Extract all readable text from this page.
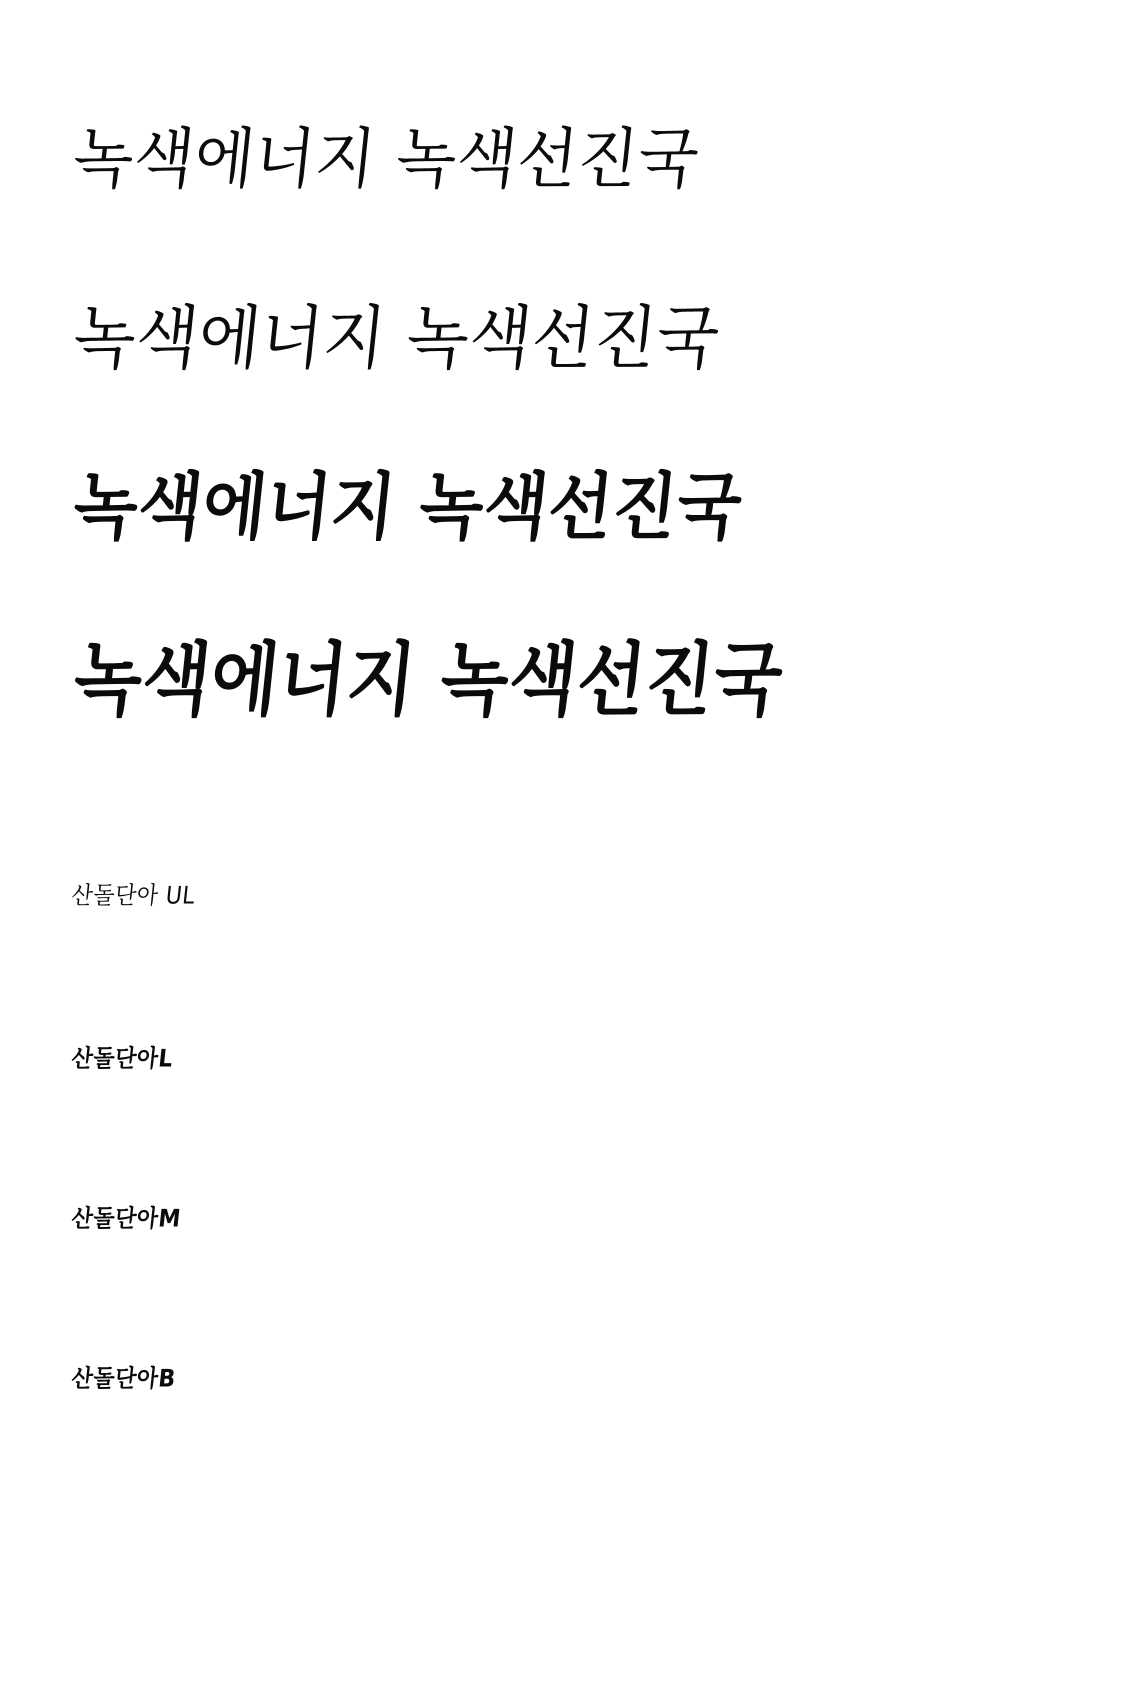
녹색에너지 녹색선진국
녹색에너지 녹색선진국
녹색에너지 녹색선진국
녹색에너지 녹색선진국
산돌단아 UL
산돌단아L
산돌단아M
산돌단아B
